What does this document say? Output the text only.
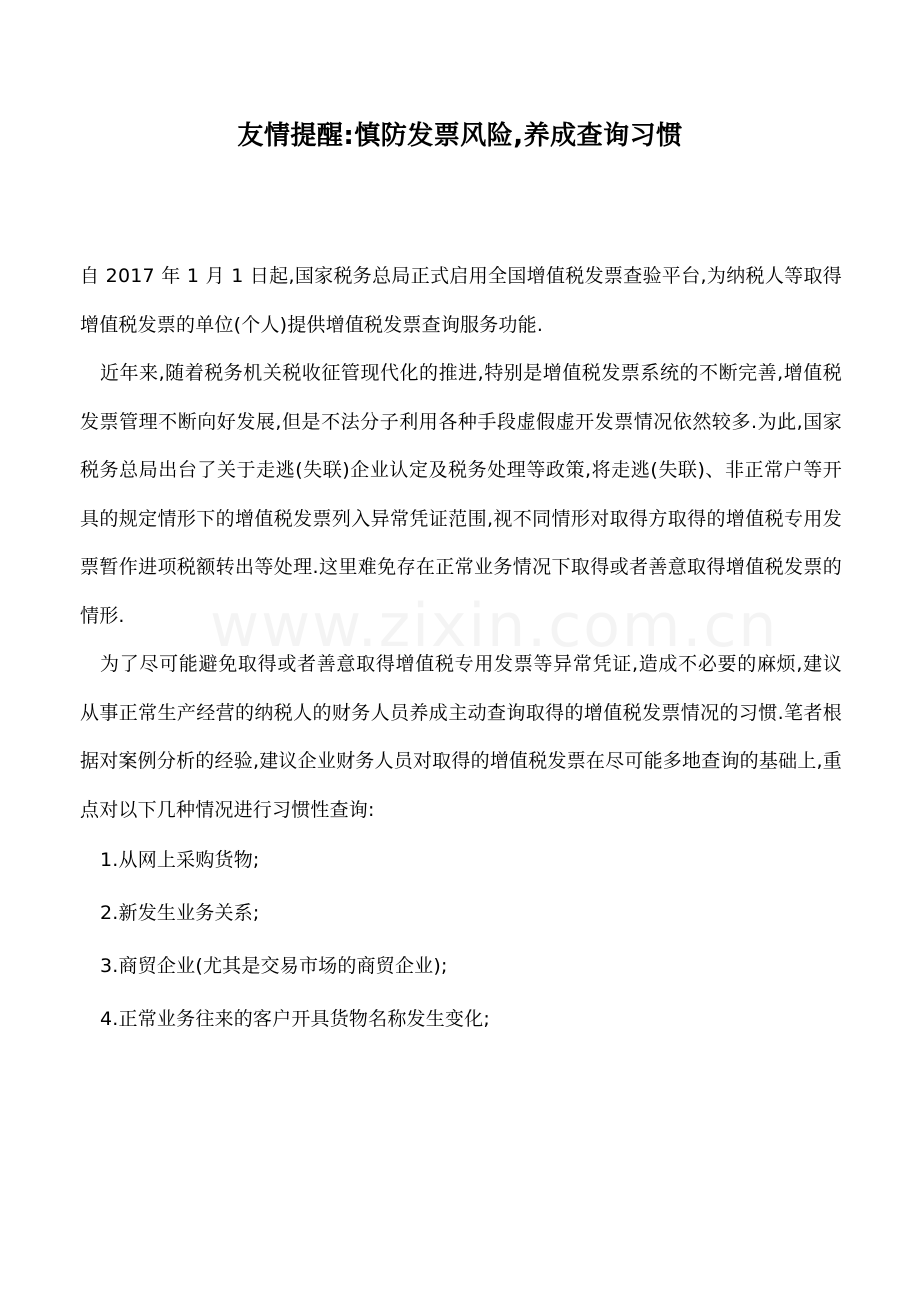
友情提醒:慎防发票风险,养成查询习惯

自 2017 年 1 月 1 日起,国家税务总局正式启用全国增值税发票查验平台,为纳税人等取得增值税发票的单位(个人)提供增值税发票查询服务功能.

近年来,随着税务机关税收征管现代化的推进,特别是增值税发票系统的不断完善,增值税发票管理不断向好发展,但是不法分子利用各种手段虚假虚开发票情况依然较多.为此,国家税务总局出台了关于走逃(失联)企业认定及税务处理等政策,将走逃(失联)、非正常户等开具的规定情形下的增值税发票列入异常凭证范围,视不同情形对取得方取得的增值税专用发票暂作进项税额转出等处理.这里难免存在正常业务情况下取得或者善意取得增值税发票的情形.

为了尽可能避免取得或者善意取得增值税专用发票等异常凭证,造成不必要的麻烦,建议从事正常生产经营的纳税人的财务人员养成主动查询取得的增值税发票情况的习惯.笔者根据对案例分析的经验,建议企业财务人员对取得的增值税发票在尽可能多地查询的基础上,重点对以下几种情况进行习惯性查询:

1.从网上采购货物;

2.新发生业务关系;

3.商贸企业(尤其是交易市场的商贸企业);

4.正常业务往来的客户开具货物名称发生变化;

www.zixin.com.cn
